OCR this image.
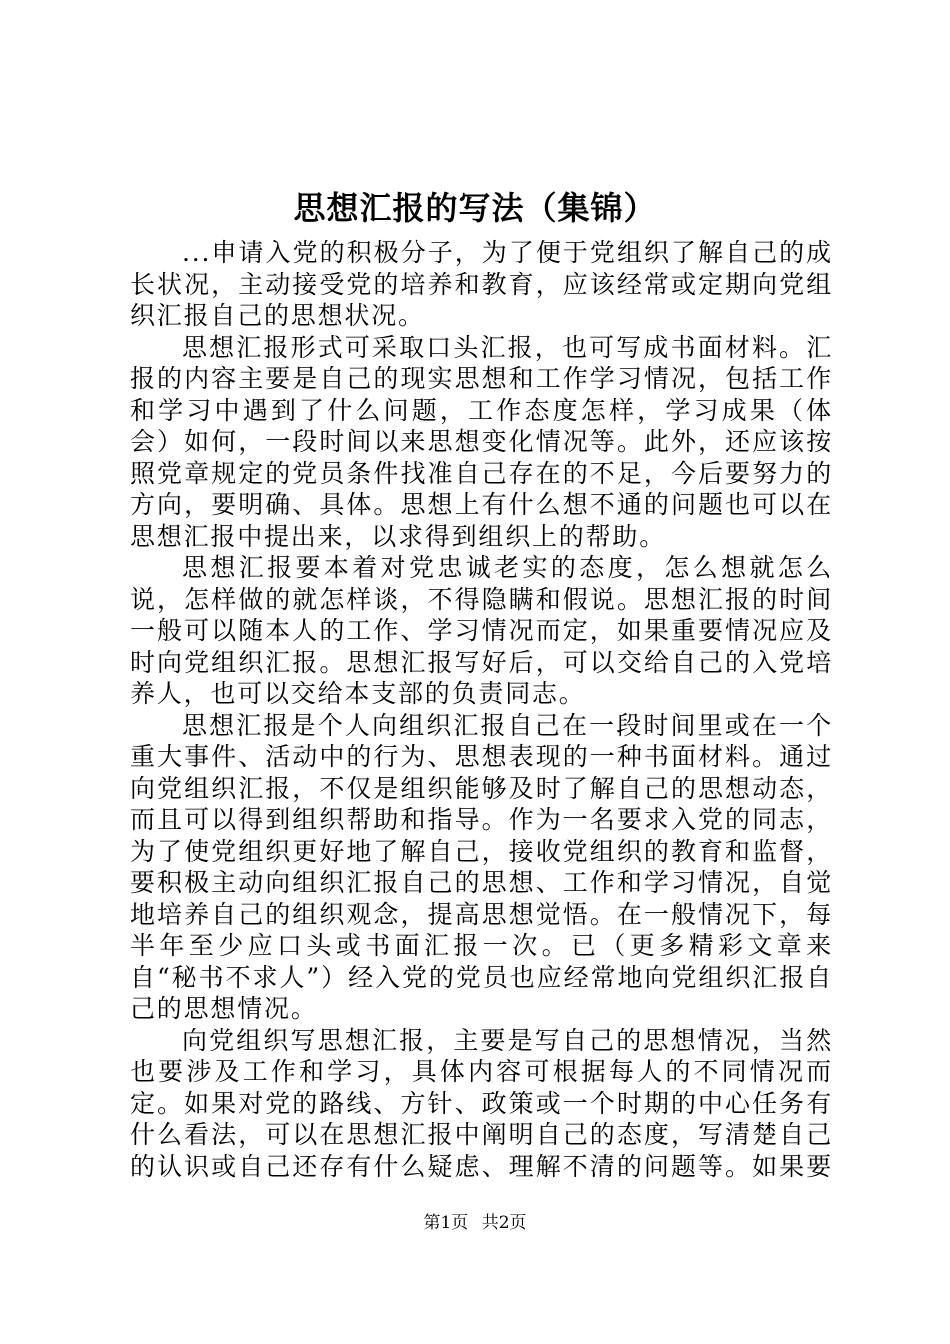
思想汇报的写法（集锦）

...申请入党的积极分子，为了便于党组织了解自己的成长状况，主动接受党的培养和教育，应该经常或定期向党组织汇报自己的思想状况。

思想汇报形式可采取口头汇报，也可写成书面材料。汇报的内容主要是自己的现实思想和工作学习情况，包括工作和学习中遇到了什么问题，工作态度怎样，学习成果（体会）如何，一段时间以来思想变化情况等。此外，还应该按照党章规定的党员条件找准自己存在的不足，今后要努力的方向，要明确、具体。思想上有什么想不通的问题也可以在思想汇报中提出来，以求得到组织上的帮助。

思想汇报要本着对党忠诚老实的态度，怎么想就怎么说，怎样做的就怎样谈，不得隐瞒和假说。思想汇报的时间一般可以随本人的工作、学习情况而定，如果重要情况应及时向党组织汇报。思想汇报写好后，可以交给自己的入党培养人，也可以交给本支部的负责同志。

思想汇报是个人向组织汇报自己在一段时间里或在一个重大事件、活动中的行为、思想表现的一种书面材料。通过向党组织汇报，不仅是组织能够及时了解自己的思想动态，而且可以得到组织帮助和指导。作为一名要求入党的同志，为了使党组织更好地了解自己，接收党组织的教育和监督，要积极主动向组织汇报自己的思想、工作和学习情况，自觉地培养自己的组织观念，提高思想觉悟。在一般情况下，每半年至少应口头或书面汇报一次。已（更多精彩文章来自“秘书不求人”）经入党的党员也应经常地向党组织汇报自己的思想情况。

向党组织写思想汇报，主要是写自己的思想情况，当然也要涉及工作和学习，具体内容可根据每人的不同情况而定。如果对党的路线、方针、政策或一个时期的中心任务有什么看法，可以在思想汇报中阐明自己的态度，写清楚自己的认识或自己还存有什么疑虑、理解不清的问题等。如果要

第1页 共2页
